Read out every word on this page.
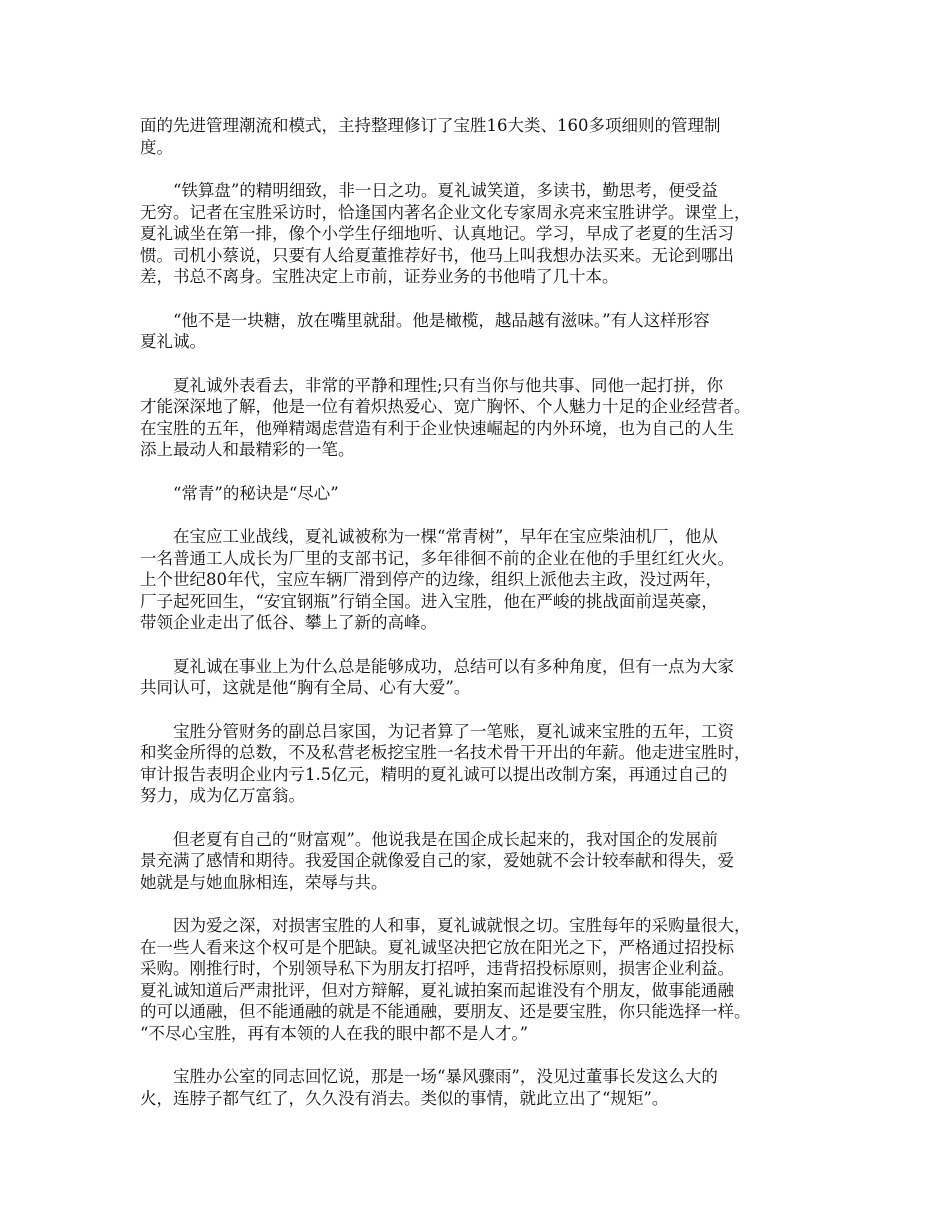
面的先进管理潮流和模式，主持整理修订了宝胜16大类、160多项细则的管理制
度。

　　“铁算盘”的精明细致，非一日之功。夏礼诚笑道，多读书，勤思考，便受益
无穷。记者在宝胜采访时，恰逢国内著名企业文化专家周永亮来宝胜讲学。课堂上，
夏礼诚坐在第一排，像个小学生仔细地听、认真地记。学习，早成了老夏的生活习
惯。司机小蔡说，只要有人给夏董推荐好书，他马上叫我想办法买来。无论到哪出
差，书总不离身。宝胜决定上市前，证券业务的书他啃了几十本。

　　“他不是一块糖，放在嘴里就甜。他是橄榄，越品越有滋味。”有人这样形容
夏礼诚。

　　夏礼诚外表看去，非常的平静和理性;只有当你与他共事、同他一起打拼，你
才能深深地了解，他是一位有着炽热爱心、宽广胸怀、个人魅力十足的企业经营者。
在宝胜的五年，他殚精竭虑营造有利于企业快速崛起的内外环境，也为自己的人生
添上最动人和最精彩的一笔。

　　“常青”的秘诀是“尽心”

　　在宝应工业战线，夏礼诚被称为一棵“常青树”，早年在宝应柴油机厂，他从
一名普通工人成长为厂里的支部书记，多年徘徊不前的企业在他的手里红红火火。
上个世纪80年代，宝应车辆厂滑到停产的边缘，组织上派他去主政，没过两年，
厂子起死回生，“安宜钢瓶”行销全国。进入宝胜，他在严峻的挑战面前逞英豪，
带领企业走出了低谷、攀上了新的高峰。

　　夏礼诚在事业上为什么总是能够成功，总结可以有多种角度，但有一点为大家
共同认可，这就是他“胸有全局、心有大爱”。

　　宝胜分管财务的副总吕家国，为记者算了一笔账，夏礼诚来宝胜的五年，工资
和奖金所得的总数，不及私营老板挖宝胜一名技术骨干开出的年薪。他走进宝胜时，
审计报告表明企业内亏1.5亿元，精明的夏礼诚可以提出改制方案，再通过自己的
努力，成为亿万富翁。

　　但老夏有自己的“财富观”。他说我是在国企成长起来的，我对国企的发展前
景充满了感情和期待。我爱国企就像爱自己的家，爱她就不会计较奉献和得失，爱
她就是与她血脉相连，荣辱与共。

　　因为爱之深，对损害宝胜的人和事，夏礼诚就恨之切。宝胜每年的采购量很大，
在一些人看来这个权可是个肥缺。夏礼诚坚决把它放在阳光之下，严格通过招投标
采购。刚推行时，个别领导私下为朋友打招呼，违背招投标原则，损害企业利益。
夏礼诚知道后严肃批评，但对方辩解，夏礼诚拍案而起谁没有个朋友，做事能通融
的可以通融，但不能通融的就是不能通融，要朋友、还是要宝胜，你只能选择一样。
“不尽心宝胜，再有本领的人在我的眼中都不是人才。”

　　宝胜办公室的同志回忆说，那是一场“暴风骤雨”，没见过董事长发这么大的
火，连脖子都气红了，久久没有消去。类似的事情，就此立出了“规矩”。
